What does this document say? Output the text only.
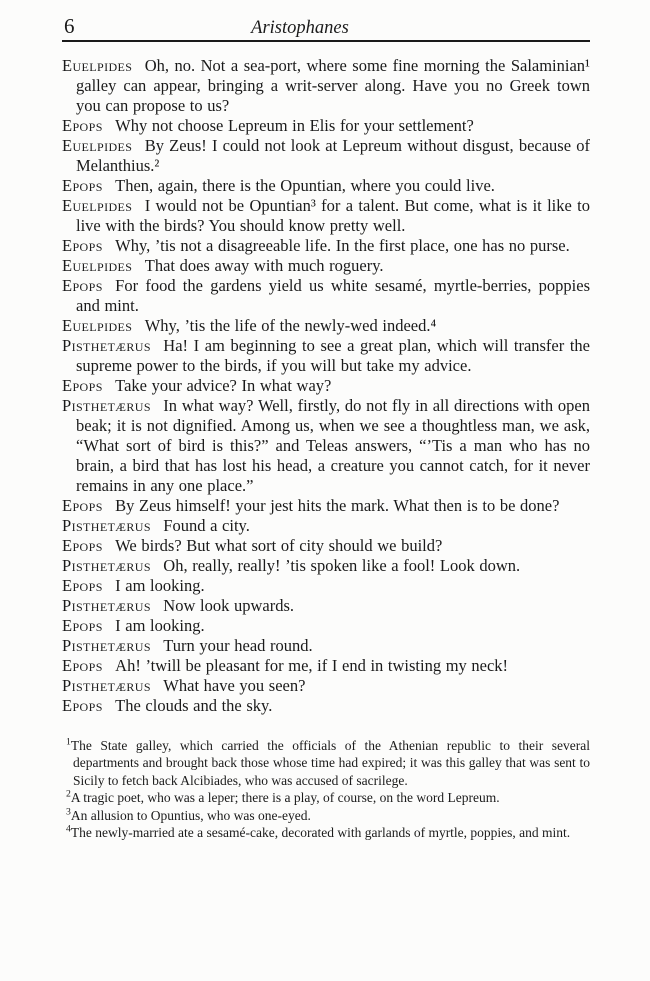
6	Aristophanes

Euelpides Oh, no. Not a sea-port, where some fine morning the Salaminian¹ galley can appear, bringing a writ-server along. Have you no Greek town you can propose to us?

Epops Why not choose Lepreum in Elis for your settlement?

Euelpides By Zeus! I could not look at Lepreum without disgust, because of Melanthius.²

Epops Then, again, there is the Opuntian, where you could live.

Euelpides I would not be Opuntian³ for a talent. But come, what is it like to live with the birds? You should know pretty well.

Epops Why, ’tis not a disagreeable life. In the first place, one has no purse.

Euelpides That does away with much roguery.

Epops For food the gardens yield us white sesamé, myrtle-berries, poppies and mint.

Euelpides Why, ’tis the life of the newly-wed indeed.⁴

Pisthetærus Ha! I am beginning to see a great plan, which will transfer the supreme power to the birds, if you will but take my advice.

Epops Take your advice? In what way?

Pisthetærus In what way? Well, firstly, do not fly in all directions with open beak; it is not dignified. Among us, when we see a thoughtless man, we ask, “What sort of bird is this?” and Teleas answers, “’Tis a man who has no brain, a bird that has lost his head, a creature you cannot catch, for it never remains in any one place.”

Epops By Zeus himself! your jest hits the mark. What then is to be done?

Pisthetærus Found a city.

Epops We birds? But what sort of city should we build?

Pisthetærus Oh, really, really! ’tis spoken like a fool! Look down.

Epops I am looking.

Pisthetærus Now look upwards.

Epops I am looking.

Pisthetærus Turn your head round.

Epops Ah! ’twill be pleasant for me, if I end in twisting my neck!

Pisthetærus What have you seen?

Epops The clouds and the sky.

$^1$The State galley, which carried the officials of the Athenian republic to their several departments and brought back those whose time had expired; it was this galley that was sent to Sicily to fetch back Alcibiades, who was accused of sacrilege.

$^2$A tragic poet, who was a leper; there is a play, of course, on the word Lepreum.

$^3$An allusion to Opuntius, who was one-eyed.

$^4$The newly-married ate a sesamé-cake, decorated with garlands of myrtle, poppies, and mint.
